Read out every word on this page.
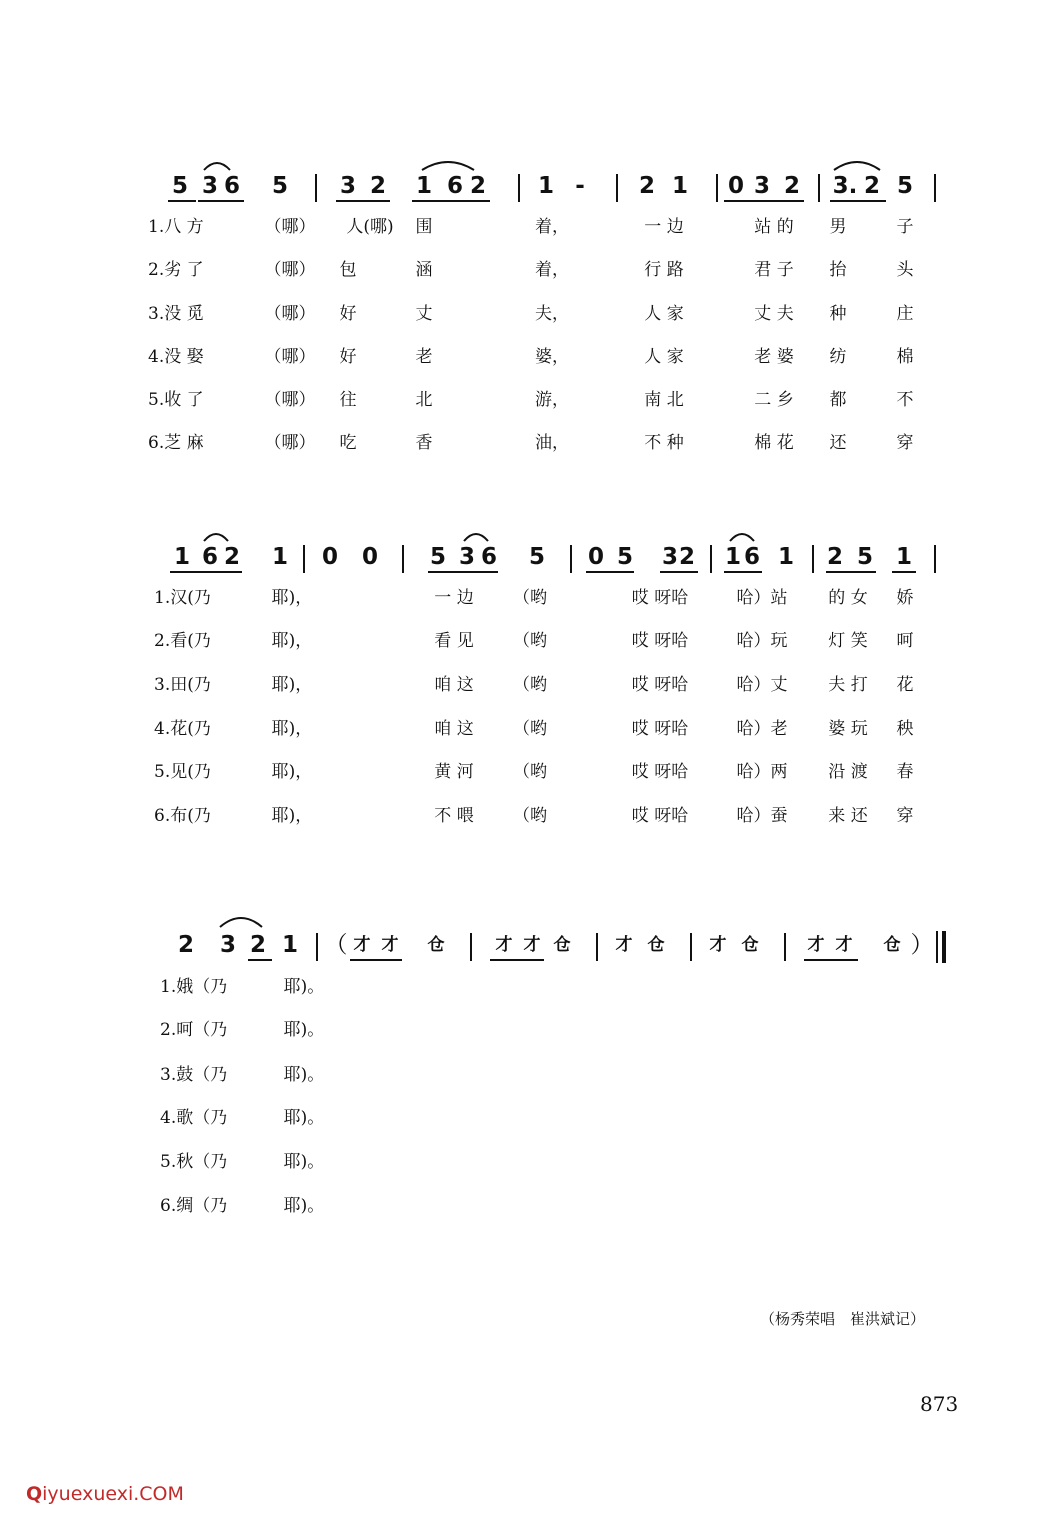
5 3 6	5	3 2	1 6 2	1 -	2 1	0 3 2	3. 2 5
1.八 方	（哪）	人(哪)	围	着，	一 边	站 的	男	子
2.劣 了	（哪）	包	涵	着，	行 路	君 子	抬	头
3.没 觅	（哪）	好	丈	夫，	人 家	丈 夫	种	庄
4.没 娶	（哪）	好	老	婆，	人 家	老 婆	纺	棉
5.收 了	（哪）	往	北	游，	南 北	二 乡	都	不
6.芝 麻	（哪）	吃	香	油，	不 种	棉 花	还	穿
1 6 2	1	0	0	5 3 6	5	0 5	3 2	1 6 1	2 5 1
1.汉(乃	耶)，	一 边	（哟	哎 呀哈	哈）站	的 女	娇
2.看(乃	耶)，	看 见	（哟	哎 呀哈	哈）玩	灯 笑	呵
3.田(乃	耶)，	咱 这	（哟	哎 呀哈	哈）丈	夫 打	花
4.花(乃	耶)，	咱 这	（哟	哎 呀哈	哈）老	婆 玩	秧
5.见(乃	耶)，	黄 河	（哟	哎 呀哈	哈）两	沿 渡	春
6.布(乃	耶)，	不 喂	（哟	哎 呀哈	哈）蚕	来 还	穿
2	3 2 1	（ 才 才	仓	才 才 仓	才 仓	才 仓	才 才	仓 ）
1.娥（乃	耶)。
2.呵（乃	耶)。
3.鼓（乃	耶)。
4.歌（乃	耶)。
5.秋（乃	耶)。
6.绸（乃	耶)。
（杨秀荣唱　崔洪斌记）
873
Qiyuexuexi.COM
